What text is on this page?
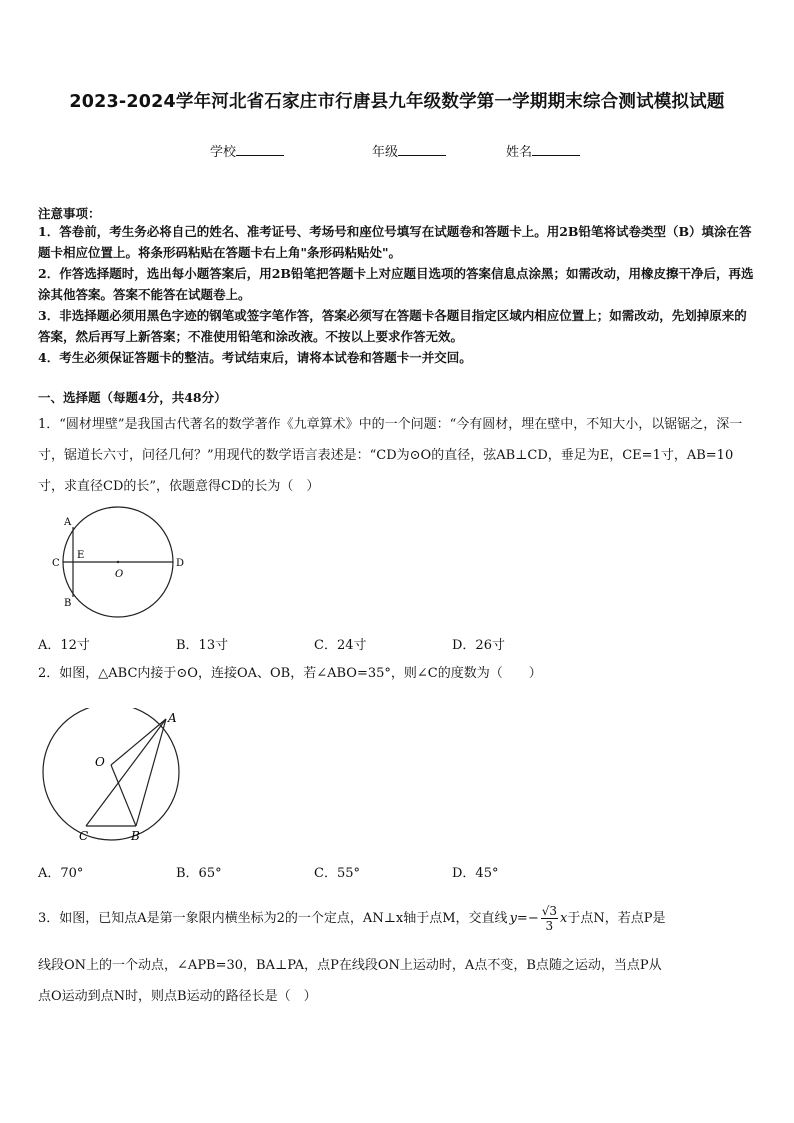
2023-2024学年河北省石家庄市行唐县九年级数学第一学期期末综合测试模拟试题
学校	年级	姓名
注意事项：
1．答卷前，考生务必将自己的姓名、准考证号、考场号和座位号填写在试题卷和答题卡上。用2B铅笔将试卷类型（B）填涂在答题卡相应位置上。将条形码粘贴在答题卡右上角"条形码粘贴处"。
2．作答选择题时，选出每小题答案后，用2B铅笔把答题卡上对应题目选项的答案信息点涂黑；如需改动，用橡皮擦干净后，再选涂其他答案。答案不能答在试题卷上。
3．非选择题必须用黑色字迹的钢笔或签字笔作答，答案必须写在答题卡各题目指定区域内相应位置上；如需改动，先划掉原来的答案，然后再写上新答案；不准使用铅笔和涂改液。不按以上要求作答无效。
4．考生必须保证答题卡的整洁。考试结束后，请将本试卷和答题卡一并交回。
一、选择题（每题4分，共48分）
1．“圆材埋壁”是我国古代著名的数学著作《九章算术》中的一个问题：“今有圆材，埋在壁中，不知大小，以锯锯之，深一寸，锯道长六寸，问径几何？”用现代的数学语言表述是：“CD为⊙O的直径，弦AB⊥CD，垂足为E，CE=1寸，AB=10寸，求直径CD的长”，依题意得CD的长为（　）
A
B
C	D
E
O
A．12寸	B．13寸	C．24寸	D．26寸
2．如图，△ABC内接于⊙O，连接OA、OB，若∠ABO=35°，则∠C的度数为（　　）
A
B
C
O
A．70°	B．65°	C．55°	D．45°
3．如图，已知点A是第一象限内横坐标为2的一个定点，AN⊥x轴于点M，交直线 $y=- \frac{√3}{3}$ x于点N，若点P是
线段ON上的一个动点，∠APB=30，BA⊥PA，点P在线段ON上运动时，A点不变，B点随之运动，当点P从
点O运动到点N时，则点B运动的路径长是（　）
